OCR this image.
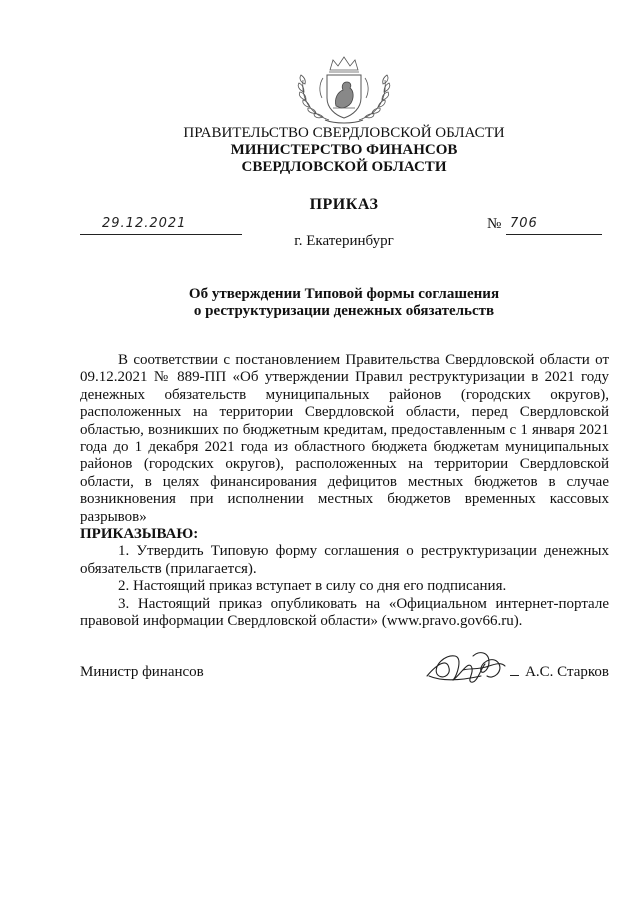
ПРАВИТЕЛЬСТВО СВЕРДЛОВСКОЙ ОБЛАСТИ
МИНИСТЕРСТВО ФИНАНСОВ
СВЕРДЛОВСКОЙ ОБЛАСТИ
ПРИКАЗ
29.12.2021	№ 706
г. Екатеринбург
Об утверждении Типовой формы соглашения
о реструктуризации денежных обязательств

В соответствии с постановлением Правительства Свердловской области от 09.12.2021 № 889-ПП «Об утверждении Правил реструктуризации в 2021 году денежных обязательств муниципальных районов (городских округов), расположенных на территории Свердловской области, перед Свердловской областью, возникших по бюджетным кредитам, предоставленным с 1 января 2021 года до 1 декабря 2021 года из областного бюджета бюджетам муниципальных районов (городских округов), расположенных на территории Свердловской области, в целях финансирования дефицитов местных бюджетов в случае возникновения при исполнении местных бюджетов временных кассовых разрывов»

ПРИКАЗЫВАЮ:

1. Утвердить Типовую форму соглашения о реструктуризации денежных обязательств (прилагается).

2. Настоящий приказ вступает в силу со дня его подписания.

3. Настоящий приказ опубликовать на «Официальном интернет-портале правовой информации Свердловской области» (www.pravo.gov66.ru).

Министр финансов	А.С. Старков
